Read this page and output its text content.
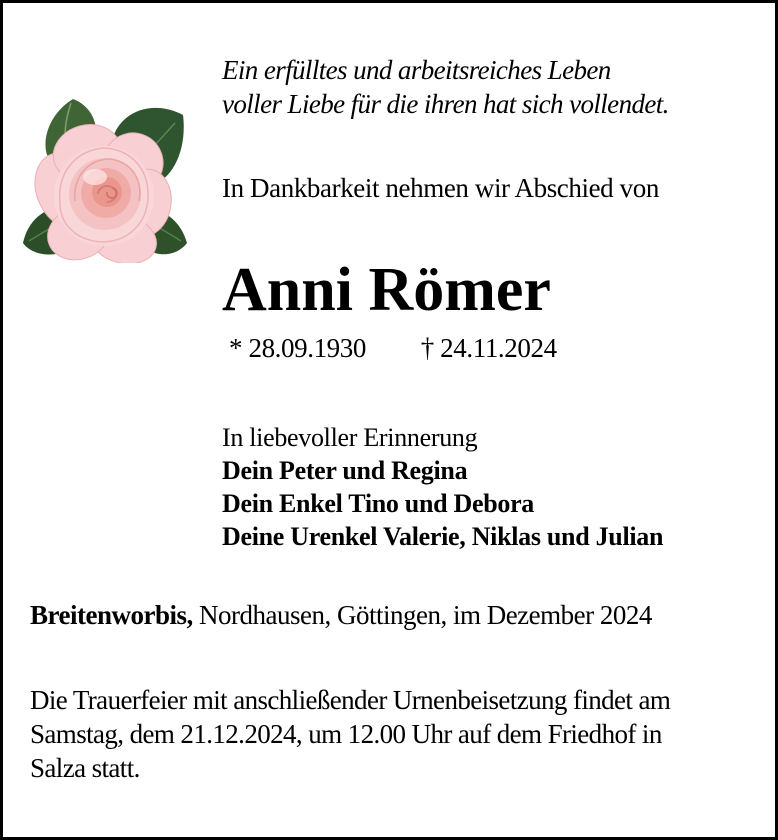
Ein erfülltes und arbeitsreiches Leben
voller Liebe für die ihren hat sich vollendet.
In Dankbarkeit nehmen wir Abschied von
Anni Römer
* 28.09.1930 † 24.11.2024
In liebevoller Erinnerung
Dein Peter und Regina
Dein Enkel Tino und Debora
Deine Urenkel Valerie, Niklas und Julian
Breitenworbis, Nordhausen, Göttingen, im Dezember 2024
Die Trauerfeier mit anschließender Urnenbeisetzung findet am
Samstag, dem 21.12.2024, um 12.00 Uhr auf dem Friedhof in
Salza statt.
